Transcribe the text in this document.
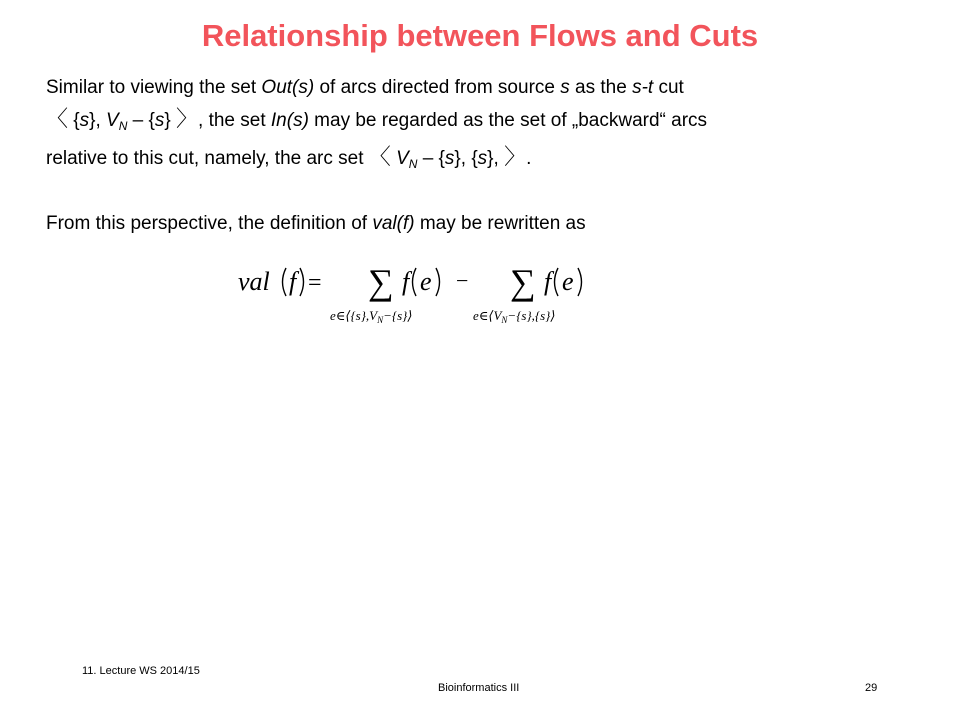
Relationship between Flows and Cuts
Similar to viewing the set Out(s) of arcs directed from source s as the s-t cut
〈 {s}, $V_N - \{s\}$ 〉, the set In(s) may be regarded as the set of „backward“ arcs
relative to this cut, namely, the arc set 〈 $V_N - \{s\}$, {s}, 〉.
From this perspective, the definition of val(f) may be rewritten as
val f = ∑ f e
$e\in⟨\{s\},V_N-\{s\}⟩$
− ∑ f e
$e\in⟨V_N-\{s\},\{s\}⟩$
11. Lecture WS 2014/15
Bioinformatics III	29
